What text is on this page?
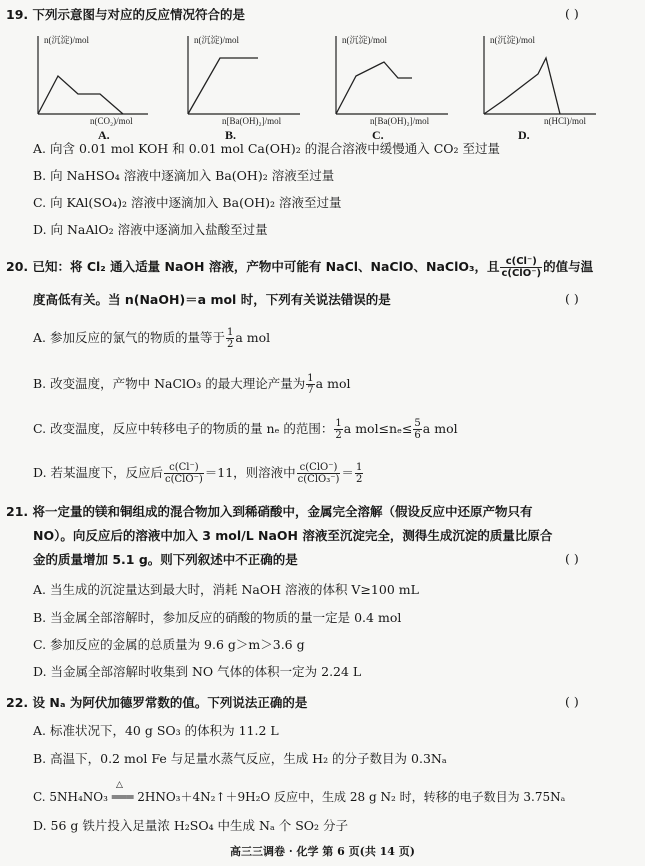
19. 下列示意图与对应的反应情况符合的是	( )
n(沉淀)/mol
n(CO₂)/mol
A.
n(沉淀)/mol
n[Ba(OH)₂]/mol
B.
n(沉淀)/mol
n[Ba(OH)₂]/mol
C.
n(沉淀)/mol
n(HCl)/mol
D.
A. 向含 0.01 mol KOH 和 0.01 mol Ca(OH)₂ 的混合溶液中缓慢通入 CO₂ 至过量
B. 向 NaHSO₄ 溶液中逐滴加入 Ba(OH)₂ 溶液至过量
C. 向 KAl(SO₄)₂ 溶液中逐滴加入 Ba(OH)₂ 溶液至过量
D. 向 NaAlO₂ 溶液中逐滴加入盐酸至过量
20. 已知：将 Cl₂ 通入适量 NaOH 溶液，产物中可能有 NaCl、NaClO、NaClO₃，且 $\frac{c(Cl^-)}{\text{c(ClO⁻)}}$ 的值与温
度高低有关。当 n(NaOH)＝a mol 时，下列有关说法错误的是	( )
A. 参加反应的氯气的物质的量等于 $\frac{1}{2}$ a mol
B. 改变温度，产物中 NaClO₃ 的最大理论产量为 $\frac{1}{7}$ a mol
C. 改变温度，反应中转移电子的物质的量 nₑ 的范围： $\frac{1}{2}$ a $mol\le n_e\le \frac{5}{6}$ a mol
D. 若某温度下，反应后 $\frac{c(Cl^-)}{\text{c(ClO⁻)}} =11$，则溶液中 $\frac{\text{c(ClO⁻)}}{\text{c(ClO₃⁻)}} = \frac{1}{2}$
21. 将一定量的镁和铜组成的混合物加入到稀硝酸中，金属完全溶解（假设反应中还原产物只有
NO）。向反应后的溶液中加入 3 mol/L NaOH 溶液至沉淀完全，测得生成沉淀的质量比原合
金的质量增加 5.1 g。则下列叙述中不正确的是	( )
A. 当生成的沉淀量达到最大时，消耗 NaOH 溶液的体积 V≥100 mL
B. 当金属全部溶解时，参加反应的硝酸的物质的量一定是 0.4 mol
C. 参加反应的金属的总质量为 9.6 g＞m＞3.6 g
D. 当金属全部溶解时收集到 NO 气体的体积一定为 2.24 L
22. 设 Nₐ 为阿伏加德罗常数的值。下列说法正确的是	( )
A. 标准状况下，40 g SO₃ 的体积为 11.2 L
B. 高温下，0.2 mol Fe 与足量水蒸气反应，生成 H₂ 的分子数目为 0.3Nₐ
C. 5NH₄NO₃ ═══ 2HNO₃＋4N₂↑＋9H₂O 反应中，生成 28 g N₂ 时，转移的电子数目为 3.75Nₐ
△
D. 56 g 铁片投入足量浓 H₂SO₄ 中生成 Nₐ 个 SO₂ 分子
高三三调卷 · 化学 第 6 页(共 14 页)
